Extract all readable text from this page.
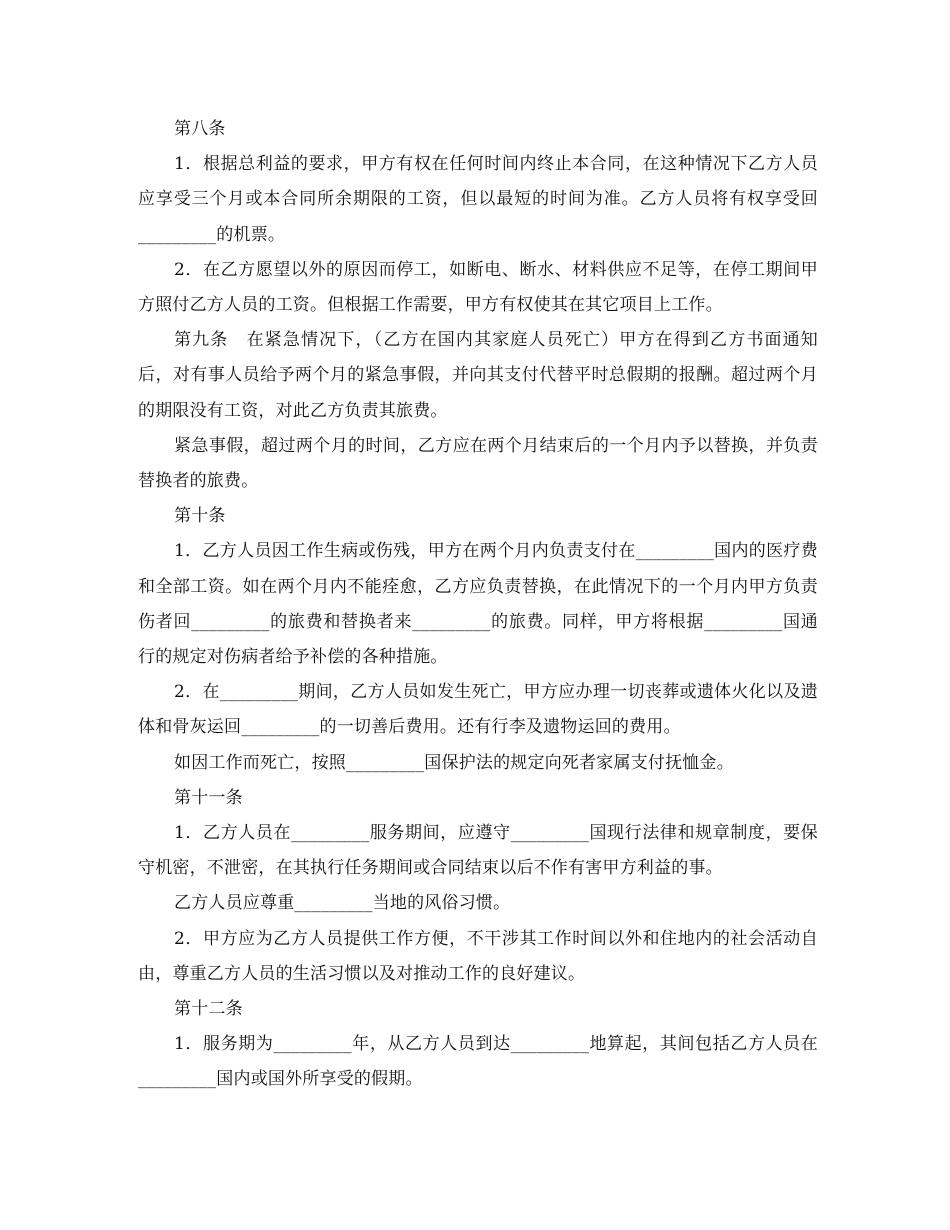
第八条

1．根据总利益的要求，甲方有权在任何时间内终止本合同，在这种情况下乙方人员应享受三个月或本合同所余期限的工资，但以最短的时间为准。乙方人员将有权享受回_________的机票。

2．在乙方愿望以外的原因而停工，如断电、断水、材料供应不足等，在停工期间甲方照付乙方人员的工资。但根据工作需要，甲方有权使其在其它项目上工作。

第九条　在紧急情况下，（乙方在国内其家庭人员死亡）甲方在得到乙方书面通知后，对有事人员给予两个月的紧急事假，并向其支付代替平时总假期的报酬。超过两个月的期限没有工资，对此乙方负责其旅费。

紧急事假，超过两个月的时间，乙方应在两个月结束后的一个月内予以替换，并负责替换者的旅费。

第十条

1．乙方人员因工作生病或伤残，甲方在两个月内负责支付在_________国内的医疗费和全部工资。如在两个月内不能痊愈，乙方应负责替换，在此情况下的一个月内甲方负责伤者回_________的旅费和替换者来_________的旅费。同样，甲方将根据_________国通行的规定对伤病者给予补偿的各种措施。

2．在_________期间，乙方人员如发生死亡，甲方应办理一切丧葬或遗体火化以及遗体和骨灰运回_________的一切善后费用。还有行李及遗物运回的费用。

如因工作而死亡，按照_________国保护法的规定向死者家属支付抚恤金。

第十一条

1．乙方人员在_________服务期间，应遵守_________国现行法律和规章制度，要保守机密，不泄密，在其执行任务期间或合同结束以后不作有害甲方利益的事。

乙方人员应尊重_________当地的风俗习惯。

2．甲方应为乙方人员提供工作方便，不干涉其工作时间以外和住地内的社会活动自由，尊重乙方人员的生活习惯以及对推动工作的良好建议。

第十二条

1．服务期为_________年，从乙方人员到达_________地算起，其间包括乙方人员在_________国内或国外所享受的假期。
